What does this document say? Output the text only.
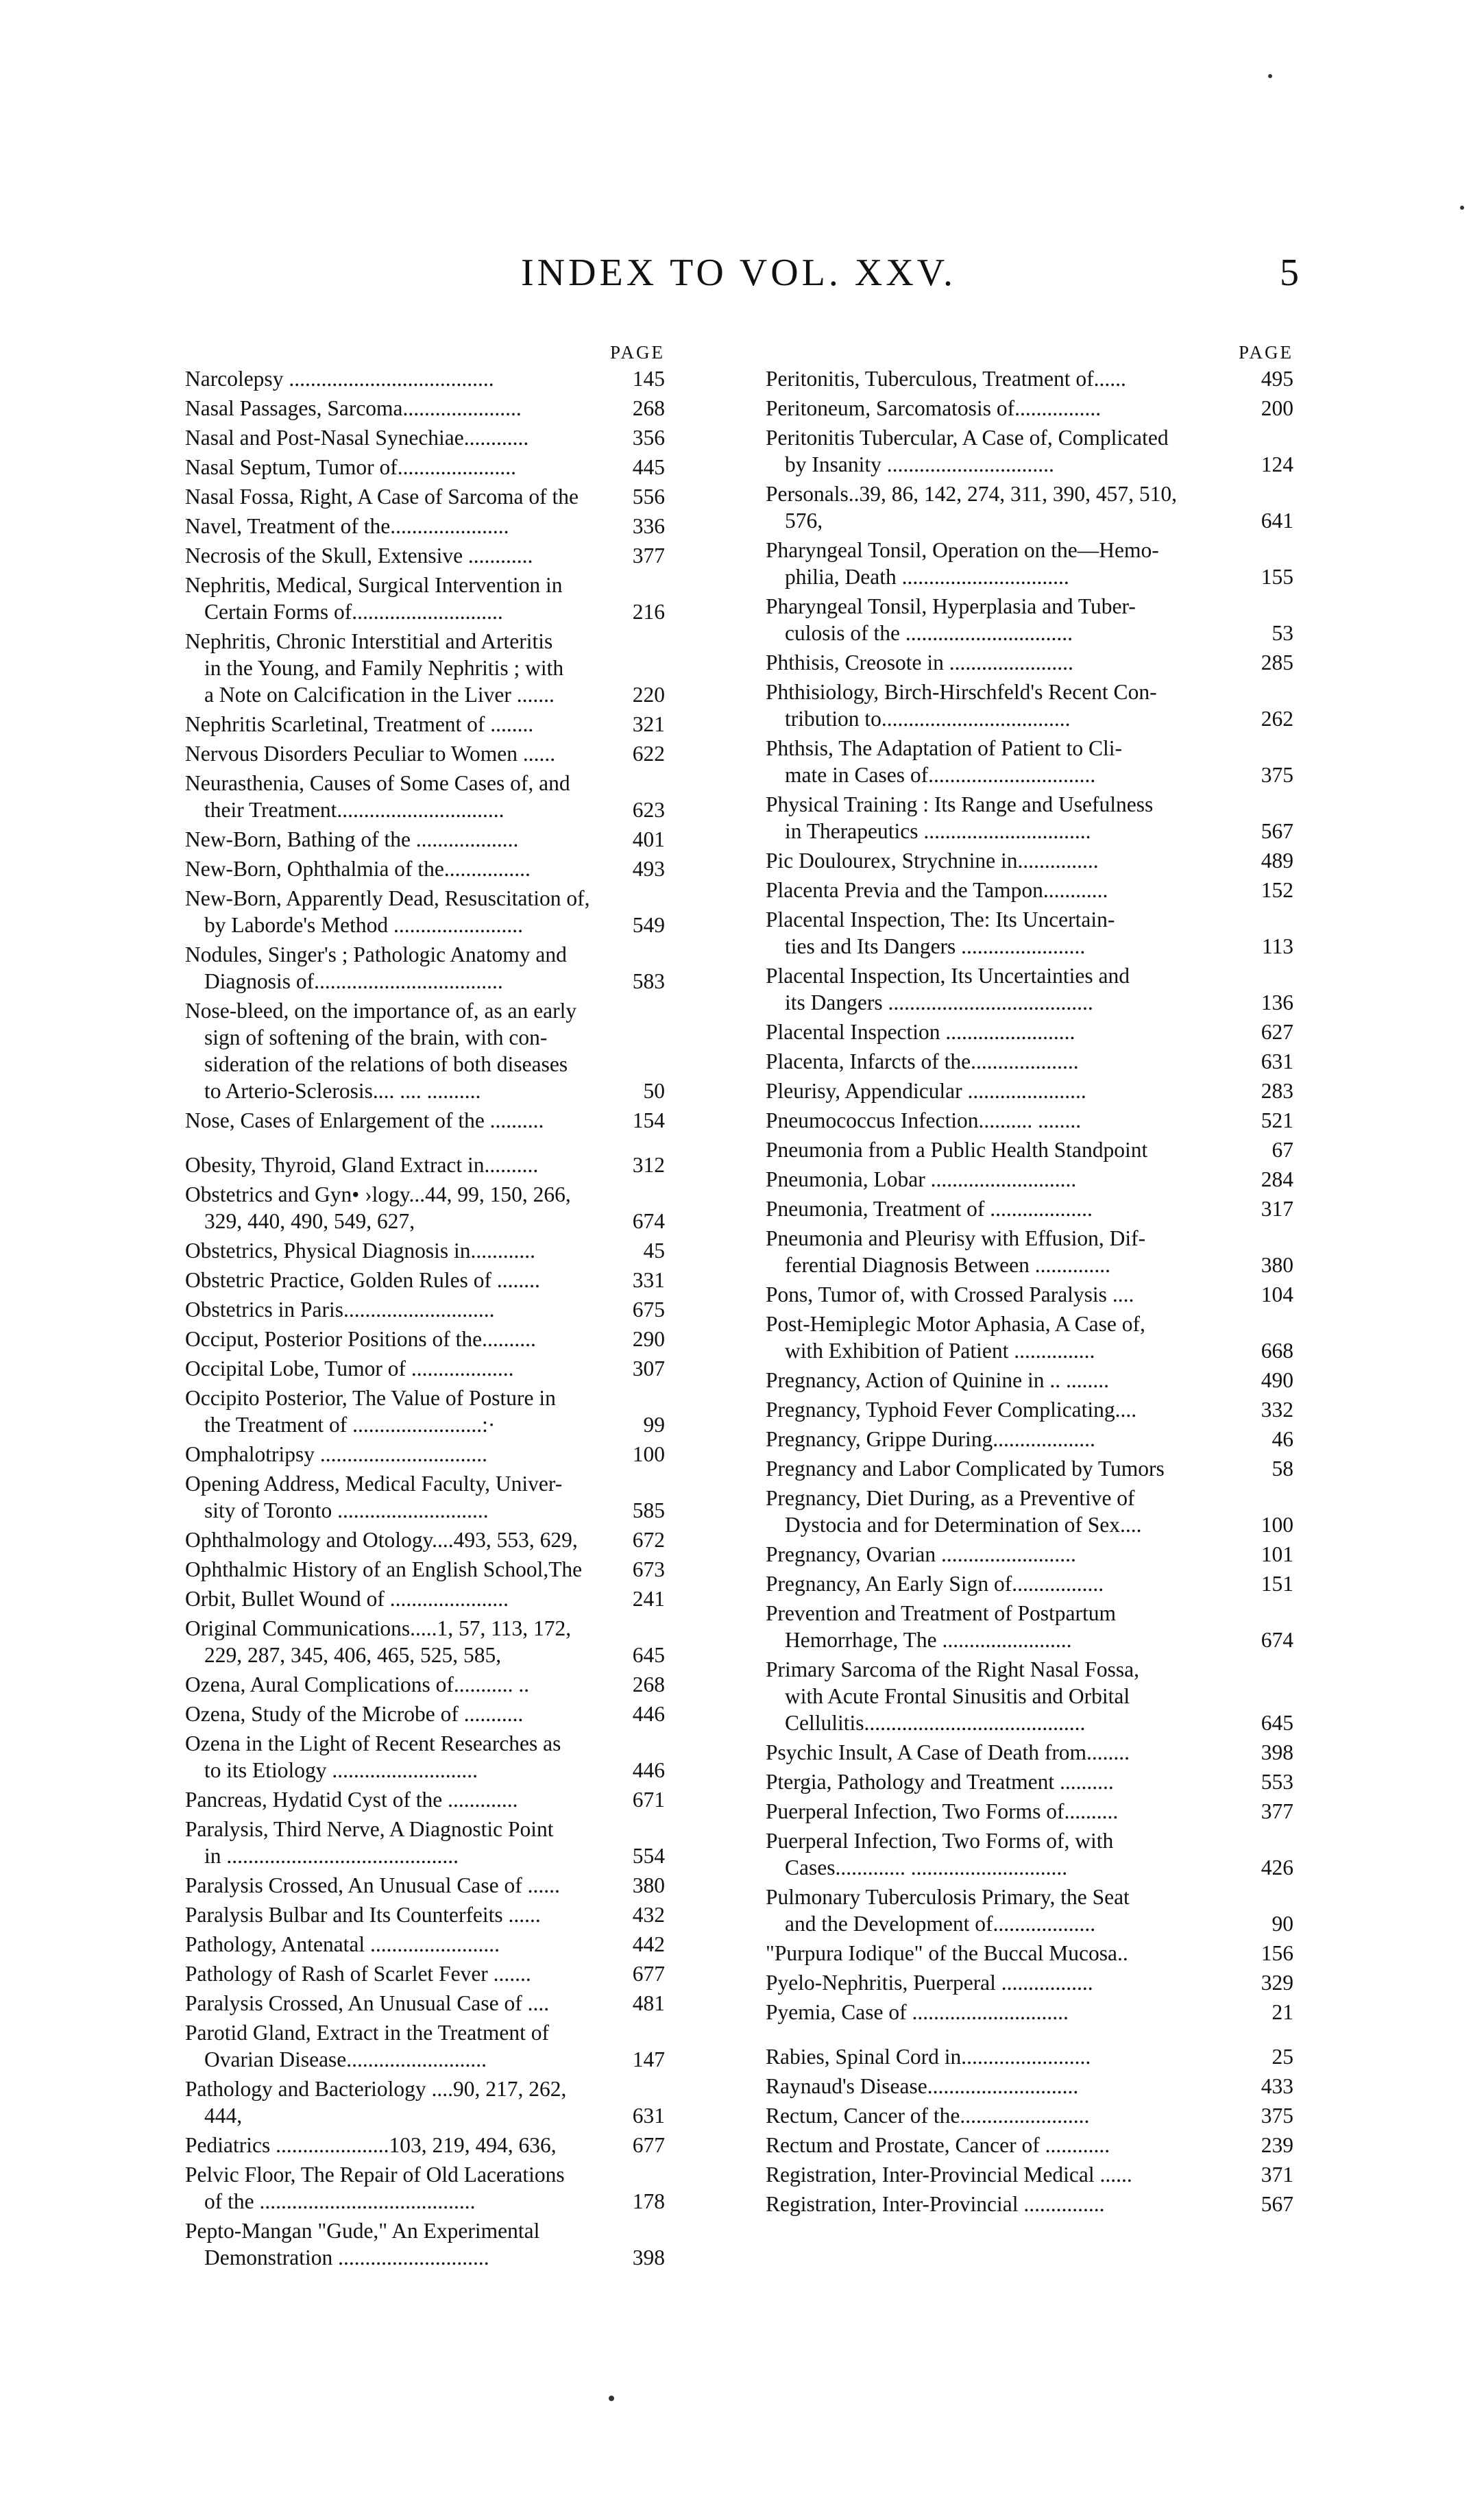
INDEX TO VOL. XXV.	5
PAGE
Narcolepsy ......................................	145
Nasal Passages, Sarcoma......................	268
Nasal and Post-Nasal Synechiae............	356
Nasal Septum, Tumor of......................	445
Nasal Fossa, Right, A Case of Sarcoma of the	556
Navel, Treatment of the......................	336
Necrosis of the Skull, Extensive ............	377
Nephritis, Medical, Surgical Intervention in
Certain Forms of............................	216
Nephritis, Chronic Interstitial and Arteritis
in the Young, and Family Nephritis ; with
a Note on Calcification in the Liver .......	220
Nephritis Scarletinal, Treatment of ........	321
Nervous Disorders Peculiar to Women ......	622
Neurasthenia, Causes of Some Cases of, and
their Treatment...............................	623
New-Born, Bathing of the ...................	401
New-Born, Ophthalmia of the................	493
New-Born, Apparently Dead, Resuscitation of,
by Laborde's Method ........................	549
Nodules, Singer's ; Pathologic Anatomy and
Diagnosis of...................................	583
Nose-bleed, on the importance of, as an early
sign of softening of the brain, with con-
sideration of the relations of both diseases
to Arterio-Sclerosis.... .... ..........	50
Nose, Cases of Enlargement of the ..........	154
Obesity, Thyroid, Gland Extract in..........	312
Obstetrics and Gyn• ›logy...44, 99, 150, 266,
329, 440, 490, 549, 627,	674
Obstetrics, Physical Diagnosis in............	45
Obstetric Practice, Golden Rules of ........	331
Obstetrics in Paris............................	675
Occiput, Posterior Positions of the..........	290
Occipital Lobe, Tumor of ...................	307
Occipito Posterior, The Value of Posture in
the Treatment of ........................:·	99
Omphalotripsy ...............................	100
Opening Address, Medical Faculty, Univer-
sity of Toronto ............................	585
Ophthalmology and Otology....493, 553, 629,	672
Ophthalmic History of an English School,The	673
Orbit, Bullet Wound of ......................	241
Original Communications.....1, 57, 113, 172,
229, 287, 345, 406, 465, 525, 585,	645
Ozena, Aural Complications of........... ..	268
Ozena, Study of the Microbe of ...........	446
Ozena in the Light of Recent Researches as
to its Etiology ...........................	446
Pancreas, Hydatid Cyst of the .............	671
Paralysis, Third Nerve, A Diagnostic Point
in ...........................................	554
Paralysis Crossed, An Unusual Case of ......	380
Paralysis Bulbar and Its Counterfeits ......	432
Pathology, Antenatal ........................	442
Pathology of Rash of Scarlet Fever .......	677
Paralysis Crossed, An Unusual Case of ....	481
Parotid Gland, Extract in the Treatment of
Ovarian Disease..........................	147
Pathology and Bacteriology ....90, 217, 262,
444,	631
Pediatrics .....................103, 219, 494, 636,	677
Pelvic Floor, The Repair of Old Lacerations
of the ........................................	178
Pepto-Mangan "Gude," An Experimental
Demonstration ............................	398
PAGE
Peritonitis, Tuberculous, Treatment of......	495
Peritoneum, Sarcomatosis of................	200
Peritonitis Tubercular, A Case of, Complicated
by Insanity ...............................	124
Personals..39, 86, 142, 274, 311, 390, 457, 510,
576,	641
Pharyngeal Tonsil, Operation on the—Hemo-
philia, Death ...............................	155
Pharyngeal Tonsil, Hyperplasia and Tuber-
culosis of the ...............................	53
Phthisis, Creosote in .......................	285
Phthisiology, Birch-Hirschfeld's Recent Con-
tribution to...................................	262
Phthsis, The Adaptation of Patient to Cli-
mate in Cases of...............................	375
Physical Training : Its Range and Usefulness
in Therapeutics ...............................	567
Pic Doulourex, Strychnine in...............	489
Placenta Previa and the Tampon............	152
Placental Inspection, The: Its Uncertain-
ties and Its Dangers .......................	113
Placental Inspection, Its Uncertainties and
its Dangers ......................................	136
Placental Inspection ........................	627
Placenta, Infarcts of the....................	631
Pleurisy, Appendicular ......................	283
Pneumococcus Infection.......... ........	521
Pneumonia from a Public Health Standpoint	67
Pneumonia, Lobar ...........................	284
Pneumonia, Treatment of ...................	317
Pneumonia and Pleurisy with Effusion, Dif-
ferential Diagnosis Between ..............	380
Pons, Tumor of, with Crossed Paralysis ....	104
Post-Hemiplegic Motor Aphasia, A Case of,
with Exhibition of Patient ...............	668
Pregnancy, Action of Quinine in .. ........	490
Pregnancy, Typhoid Fever Complicating....	332
Pregnancy, Grippe During...................	46
Pregnancy and Labor Complicated by Tumors	58
Pregnancy, Diet During, as a Preventive of
Dystocia and for Determination of Sex....	100
Pregnancy, Ovarian .........................	101
Pregnancy, An Early Sign of.................	151
Prevention and Treatment of Postpartum
Hemorrhage, The ........................	674
Primary Sarcoma of the Right Nasal Fossa,
with Acute Frontal Sinusitis and Orbital
Cellulitis.........................................	645
Psychic Insult, A Case of Death from........	398
Ptergia, Pathology and Treatment ..........	553
Puerperal Infection, Two Forms of..........	377
Puerperal Infection, Two Forms of, with
Cases............. .............................	426
Pulmonary Tuberculosis Primary, the Seat
and the Development of...................	90
"Purpura Iodique" of the Buccal Mucosa..	156
Pyelo-Nephritis, Puerperal .................	329
Pyemia, Case of .............................	21
Rabies, Spinal Cord in........................	25
Raynaud's Disease............................	433
Rectum, Cancer of the........................	375
Rectum and Prostate, Cancer of ............	239
Registration, Inter-Provincial Medical ......	371
Registration, Inter-Provincial ...............	567
